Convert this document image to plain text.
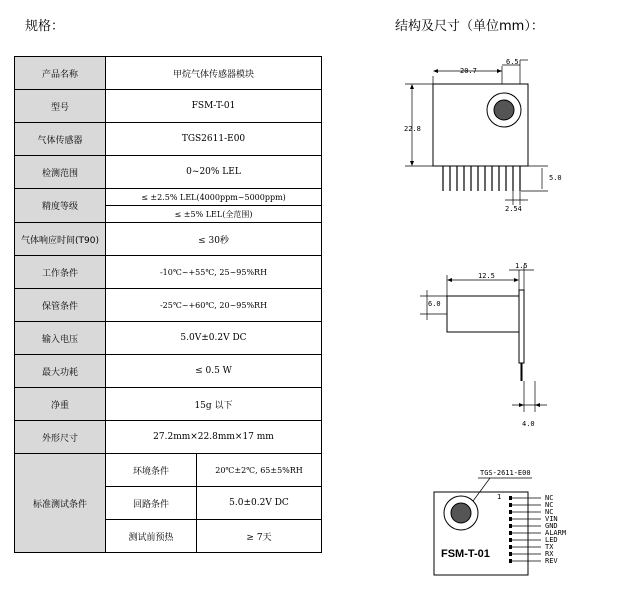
规格：	结构及尺寸（单位mm）：
产品名称	甲烷气体传感器模块	
型号	FSM-T-01	
气体传感器	TGS2611-E00	
检测范围	0~20% LEL	
精度等级	≤ ±2.5% LEL(4000ppm~5000ppm)	
	≤ ±5% LEL(全范围)	
气体响应时间(T90)	≤ 30秒	
工作条件	-10℃~+55℃, 25~95%RH	
保管条件	-25℃~+60℃, 20~95%RH	
输入电压	5.0V±0.2V DC	
最大功耗	≤ 0.5 W	
净重	15g 以下	
外形尺寸	27.2mm×22.8mm×17 mm	
标准测试条件	环境条件	20℃±2℃, 65±5%RH
	回路条件	5.0±0.2V DC
	测试前预热	≥ 7天
20.7
6.5
22.8
5.0
2.54
12.5
1.5
6.0
4.0
TGS-2611-E00
1
FSM-T-01
NC
NC
NC
VIN
GND
ALARM
LED
TX
RX
REV
